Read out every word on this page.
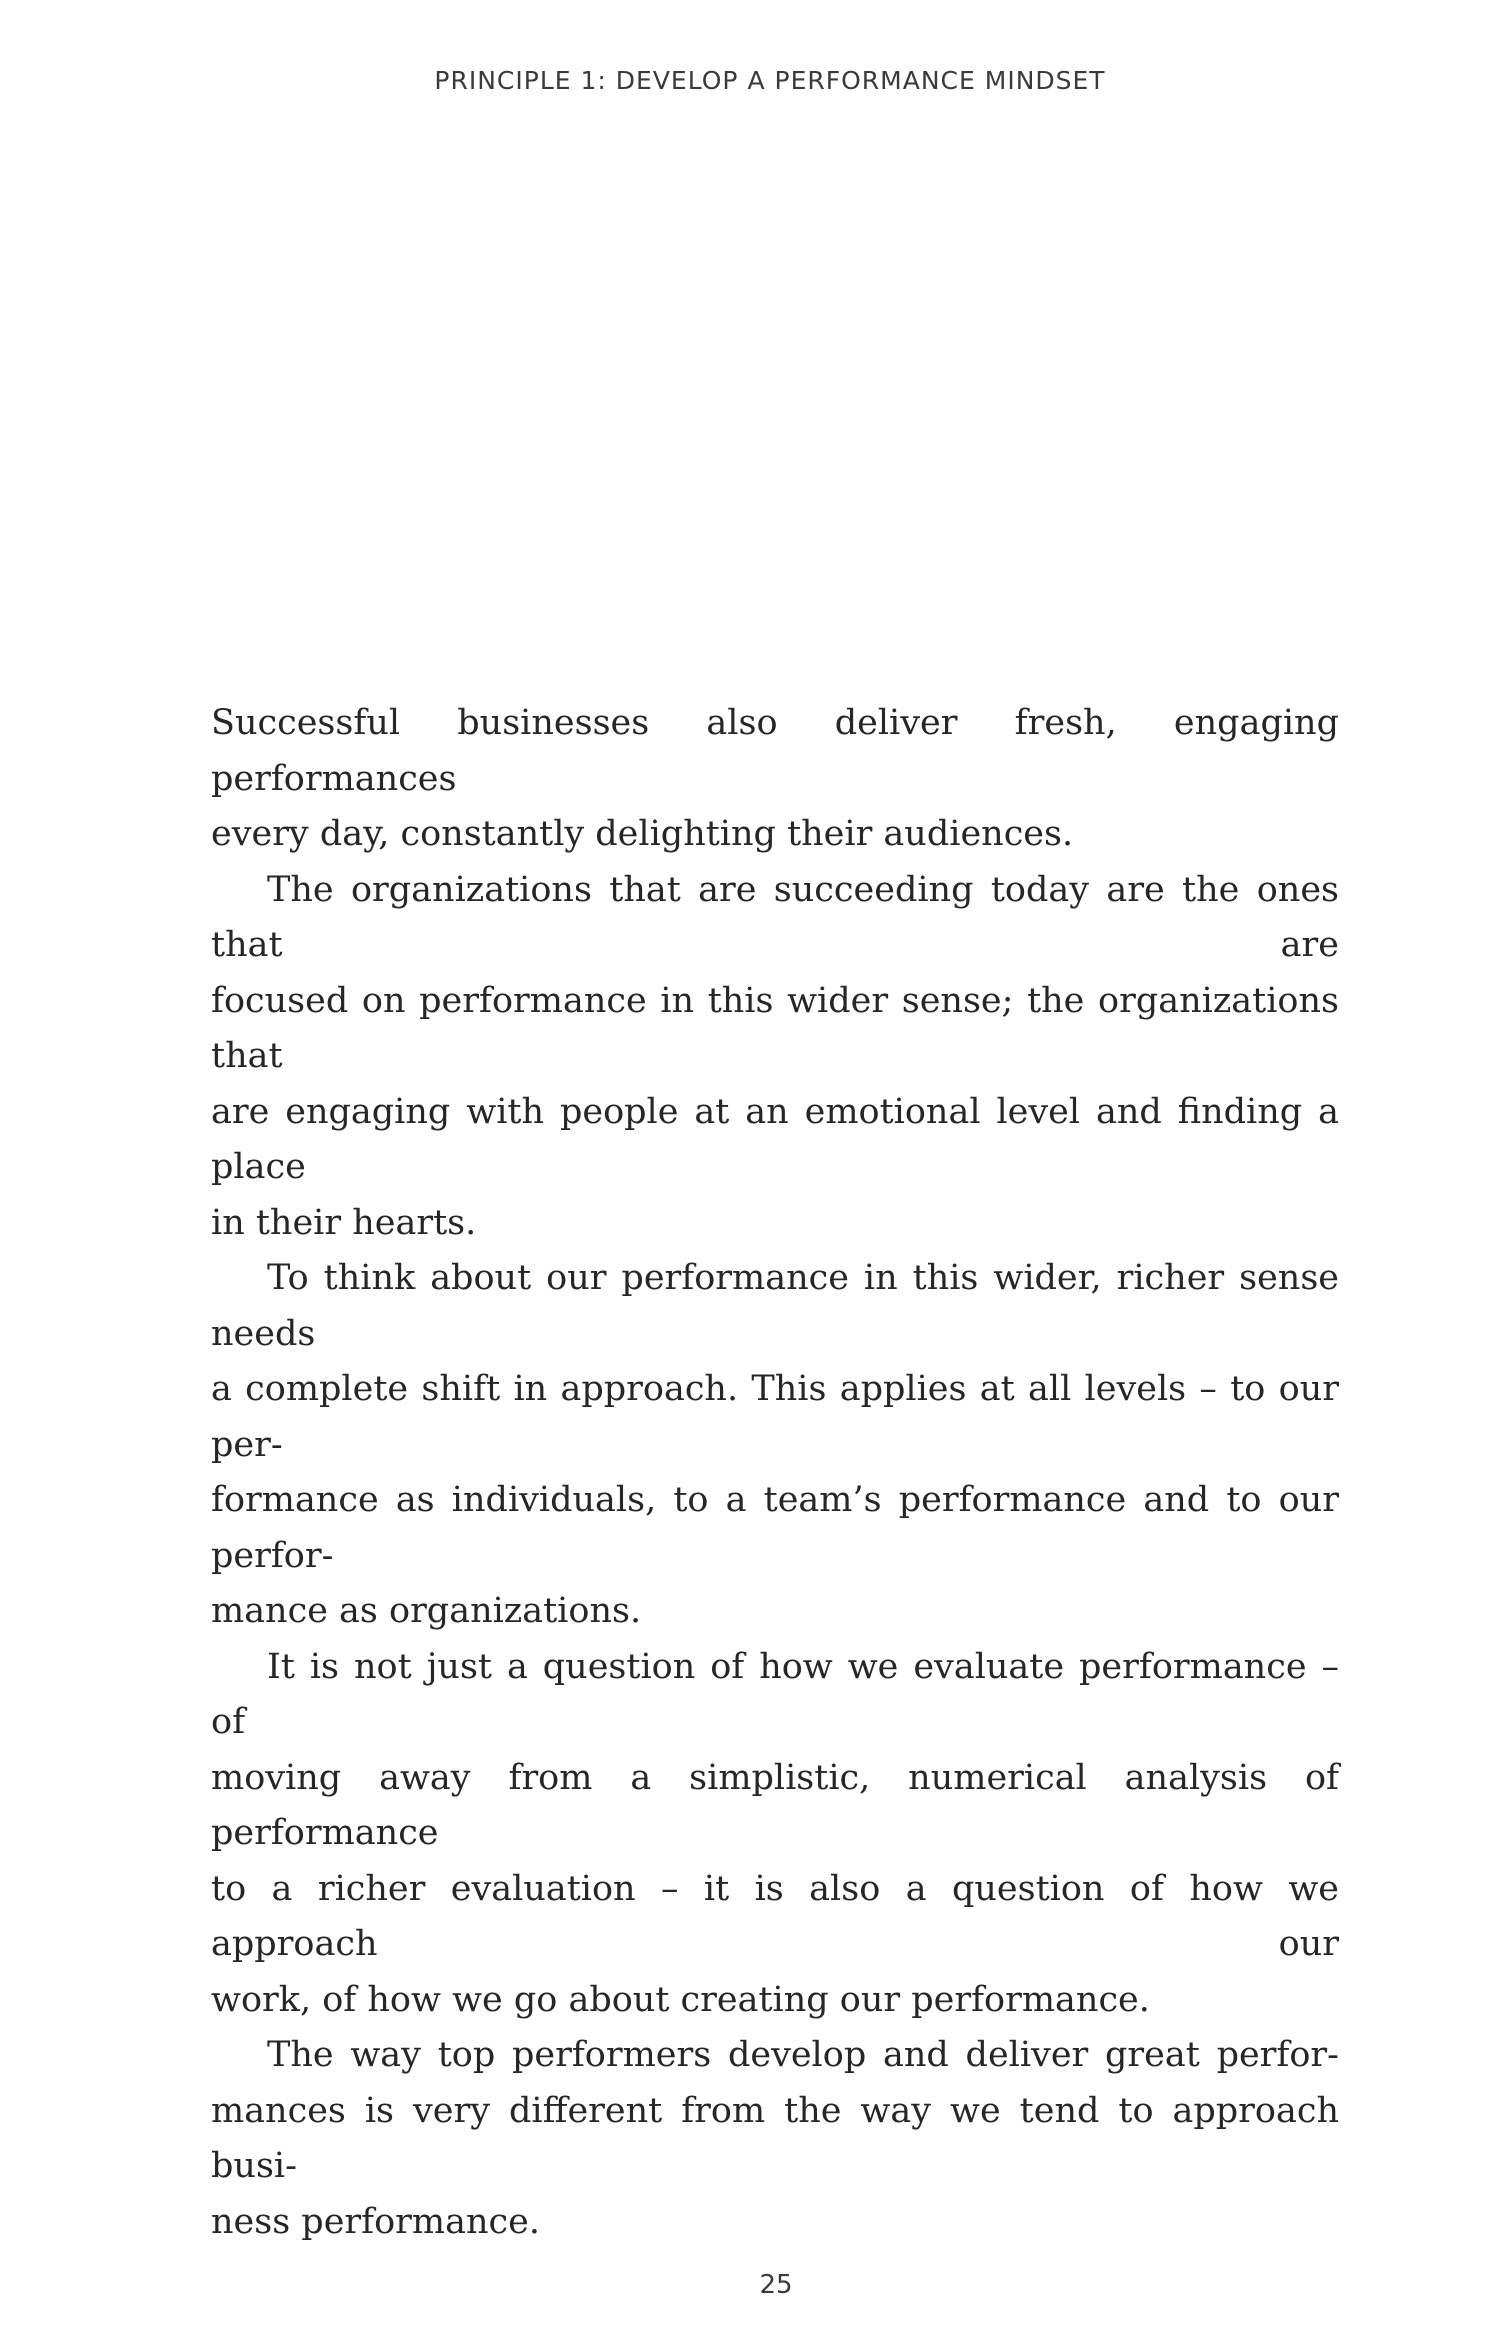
PRINCIPLE 1: DEVELOP A PERFORMANCE MINDSET

Successful businesses also deliver fresh, engaging performances

every day, constantly delighting their audiences.

The organizations that are succeeding today are the ones that are

focused on performance in this wider sense; the organizations that

are engaging with people at an emotional level and finding a place

in their hearts.

To think about our performance in this wider, richer sense needs

a complete shift in approach. This applies at all levels – to our per-

formance as individuals, to a team’s performance and to our perfor-

mance as organizations.

It is not just a question of how we evaluate performance – of

moving away from a simplistic, numerical analysis of performance

to a richer evaluation – it is also a question of how we approach our

work, of how we go about creating our performance.

The way top performers develop and deliver great perfor-

mances is very different from the way we tend to approach busi-

ness performance.

25
